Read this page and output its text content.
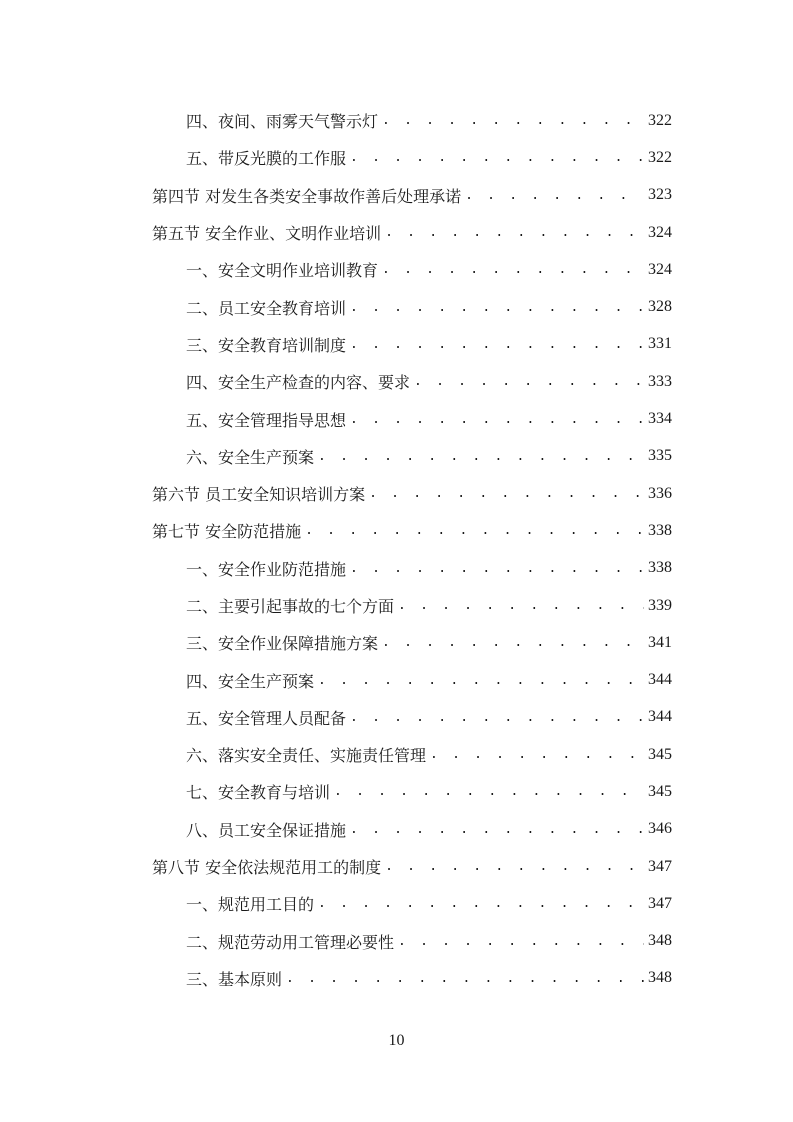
四、夜间、雨雾天气警示灯 . . .	322
五、带反光膜的工作服 . . .	322
第四节 对发生各类安全事故作善后处理承诺 . . .	323
第五节 安全作业、文明作业培训 . . .	324
一、安全文明作业培训教育 . . .	324
二、员工安全教育培训 . . .	328
三、安全教育培训制度 . . .	331
四、安全生产检查的内容、要求 . . .	333
五、安全管理指导思想 . . .	334
六、安全生产预案 . . .	335
第六节 员工安全知识培训方案 . . .	336
第七节 安全防范措施 . . .	338
一、安全作业防范措施 . . .	338
二、主要引起事故的七个方面 . . .	339
三、安全作业保障措施方案 . . .	341
四、安全生产预案 . . .	344
五、安全管理人员配备 . . .	344
六、落实安全责任、实施责任管理 . . .	345
七、安全教育与培训 . . .	345
八、员工安全保证措施 . . .	346
第八节 安全依法规范用工的制度 . . .	347
一、规范用工目的 . . .	347
二、规范劳动用工管理必要性 . . .	348
三、基本原则 . . .	348
10
